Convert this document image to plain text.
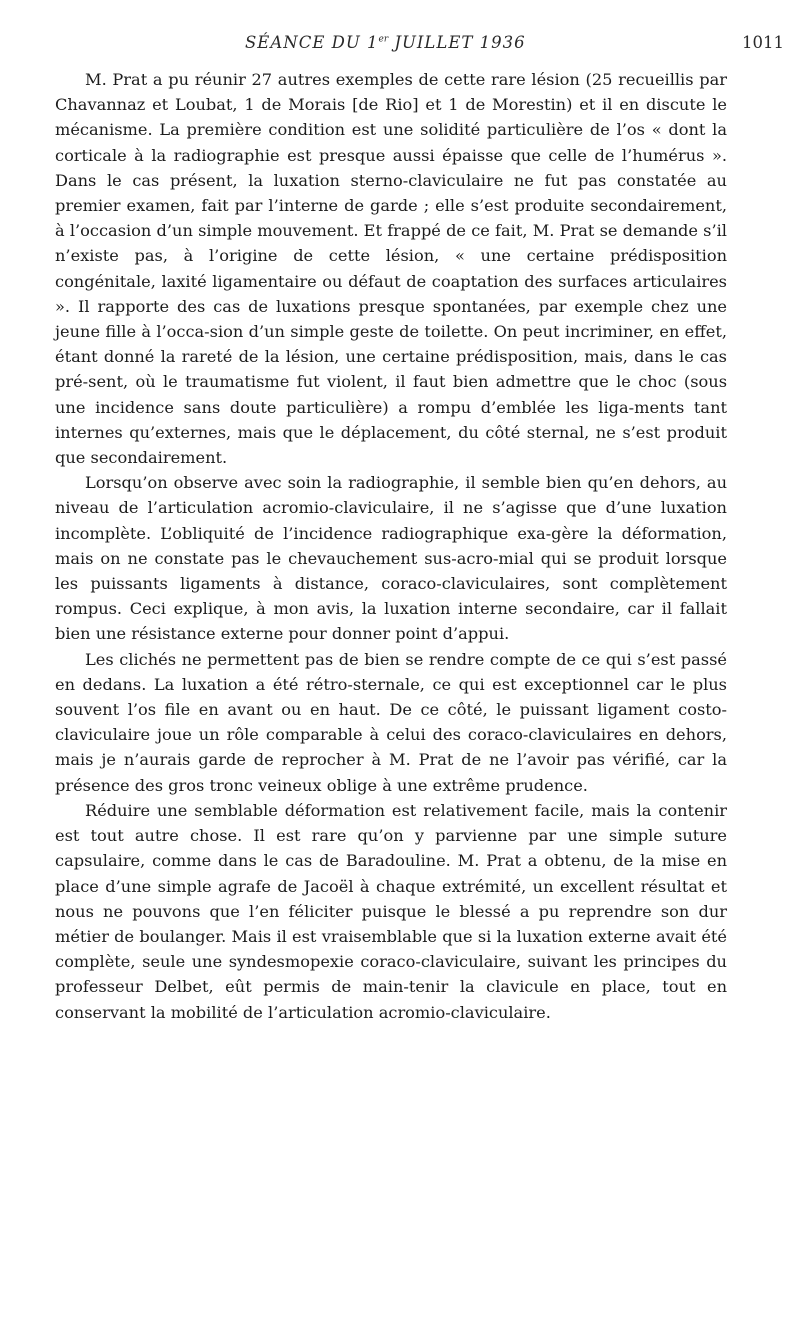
SÉANCE DU 1er JUILLET 1936	1011

M. Prat a pu réunir 27 autres exemples de cette rare lésion (25 recueillis par Chavannaz et Loubat, 1 de Morais [de Rio] et 1 de Morestin) et il en discute le mécanisme. La première condition est une solidité particulière de l’os « dont la corticale à la radiographie est presque aussi épaisse que celle de l’humérus ». Dans le cas présent, la luxation sterno-claviculaire ne fut pas constatée au premier examen, fait par l’interne de garde ; elle s’est produite secondairement, à l’occasion d’un simple mouvement. Et frappé de ce fait, M. Prat se demande s’il n’existe pas, à l’origine de cette lésion, « une certaine prédisposition congénitale, laxité ligamentaire ou défaut de coaptation des surfaces articulaires ». Il rapporte des cas de luxations presque spontanées, par exemple chez une jeune fille à l’occa-sion d’un simple geste de toilette. On peut incriminer, en effet, étant donné la rareté de la lésion, une certaine prédisposition, mais, dans le cas pré-sent, où le traumatisme fut violent, il faut bien admettre que le choc (sous une incidence sans doute particulière) a rompu d’emblée les liga-ments tant internes qu’externes, mais que le déplacement, du côté sternal, ne s’est produit que secondairement.

Lorsqu’on observe avec soin la radiographie, il semble bien qu’en dehors, au niveau de l’articulation acromio-claviculaire, il ne s’agisse que d’une luxation incomplète. L’obliquité de l’incidence radiographique exa-gère la déformation, mais on ne constate pas le chevauchement sus-acro-mial qui se produit lorsque les puissants ligaments à distance, coraco-claviculaires, sont complètement rompus. Ceci explique, à mon avis, la luxation interne secondaire, car il fallait bien une résistance externe pour donner point d’appui.

Les clichés ne permettent pas de bien se rendre compte de ce qui s’est passé en dedans. La luxation a été rétro-sternale, ce qui est exceptionnel car le plus souvent l’os file en avant ou en haut. De ce côté, le puissant ligament costo-claviculaire joue un rôle comparable à celui des coraco-claviculaires en dehors, mais je n’aurais garde de reprocher à M. Prat de ne l’avoir pas vérifié, car la présence des gros tronc veineux oblige à une extrême prudence.

Réduire une semblable déformation est relativement facile, mais la contenir est tout autre chose. Il est rare qu’on y parvienne par une simple suture capsulaire, comme dans le cas de Baradouline. M. Prat a obtenu, de la mise en place d’une simple agrafe de Jacoël à chaque extrémité, un excellent résultat et nous ne pouvons que l’en féliciter puisque le blessé a pu reprendre son dur métier de boulanger. Mais il est vraisemblable que si la luxation externe avait été complète, seule une syndesmopexie coraco-claviculaire, suivant les principes du professeur Delbet, eût permis de main-tenir la clavicule en place, tout en conservant la mobilité de l’articulation acromio-claviculaire.
